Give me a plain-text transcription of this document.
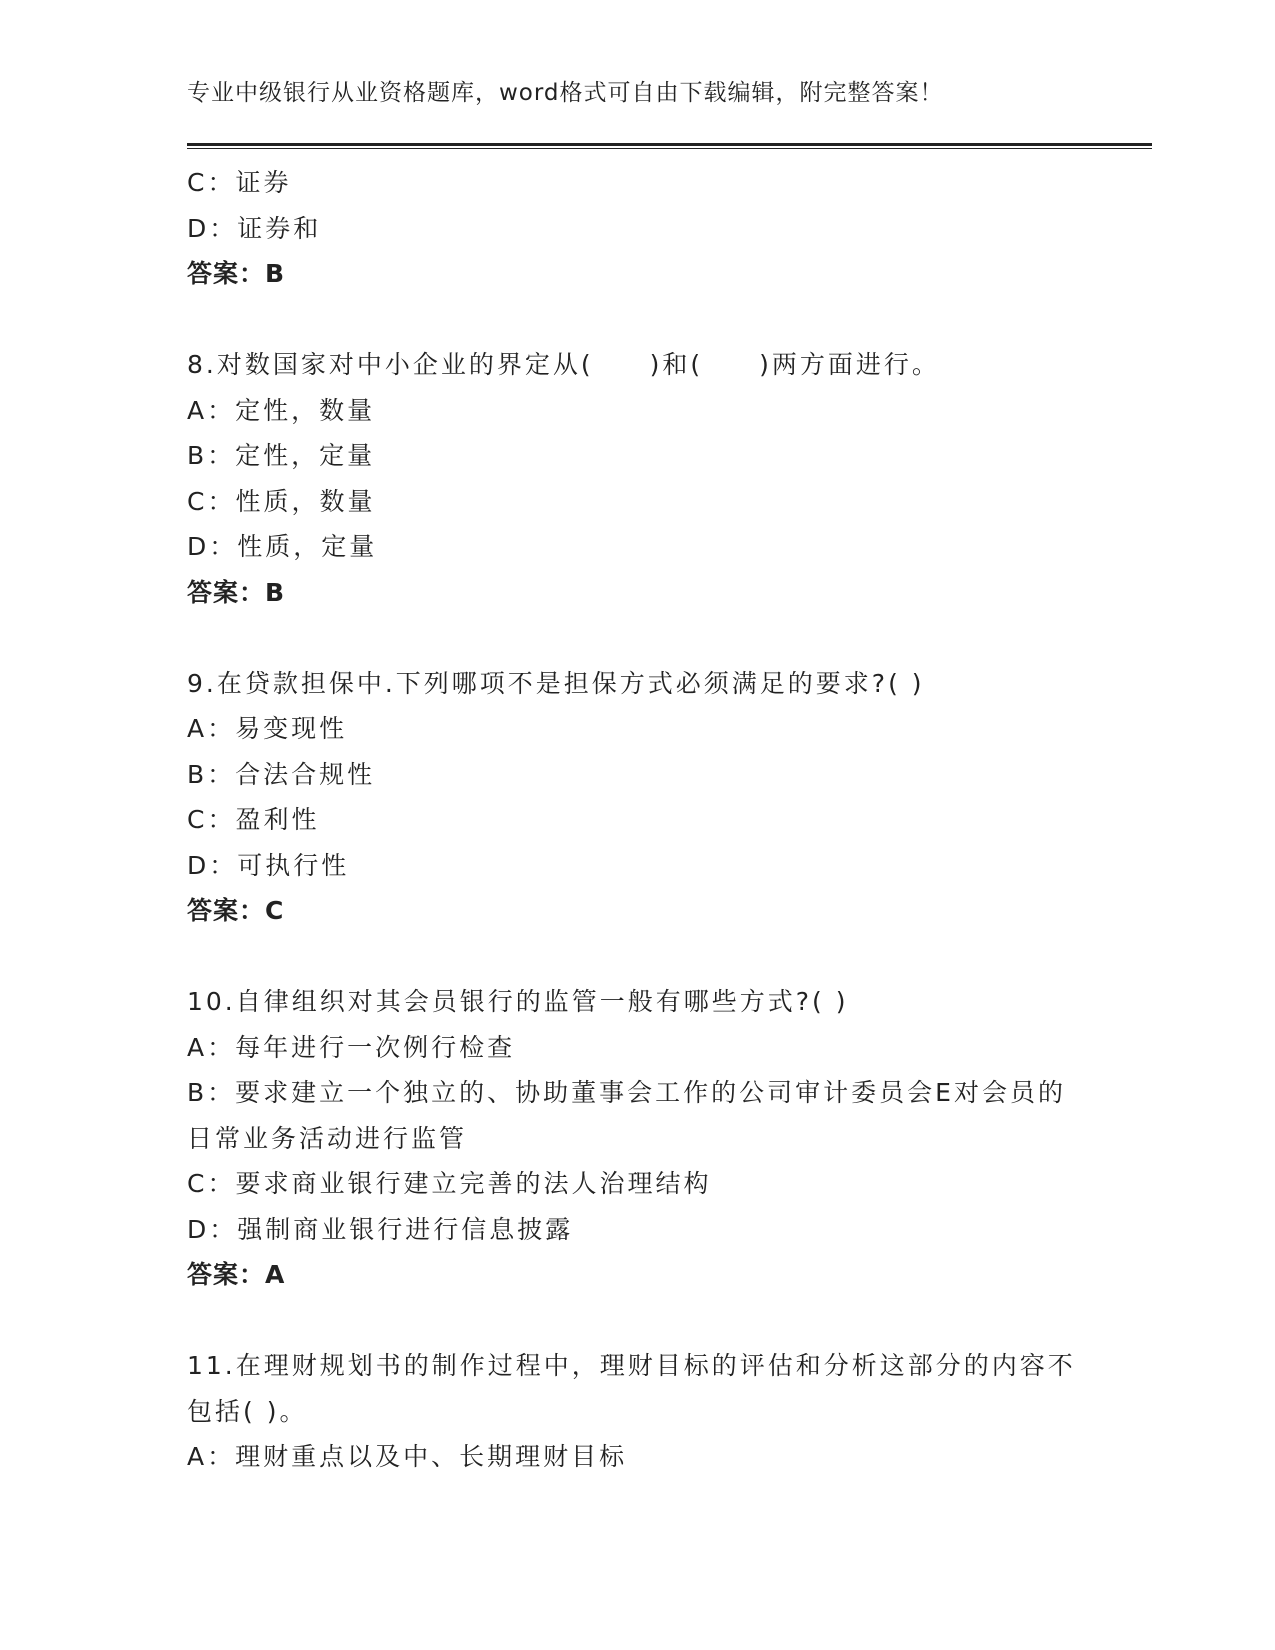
专业中级银行从业资格题库，word格式可自由下载编辑，附完整答案！
C：证券
D：证券和
答案：B
8.对数国家对中小企业的界定从(　　)和(　　)两方面进行。
A：定性，数量
B：定性，定量
C：性质，数量
D：性质，定量
答案：B
9.在贷款担保中.下列哪项不是担保方式必须满足的要求?( )
A：易变现性
B：合法合规性
C：盈利性
D：可执行性
答案：C
10.自律组织对其会员银行的监管一般有哪些方式?( )
A：每年进行一次例行检查
B：要求建立一个独立的、协助董事会工作的公司审计委员会E对会员的日常业务活动进行监管
C：要求商业银行建立完善的法人治理结构
D：强制商业银行进行信息披露
答案：A
11.在理财规划书的制作过程中，理财目标的评估和分析这部分的内容不包括( )。
A：理财重点以及中、长期理财目标
